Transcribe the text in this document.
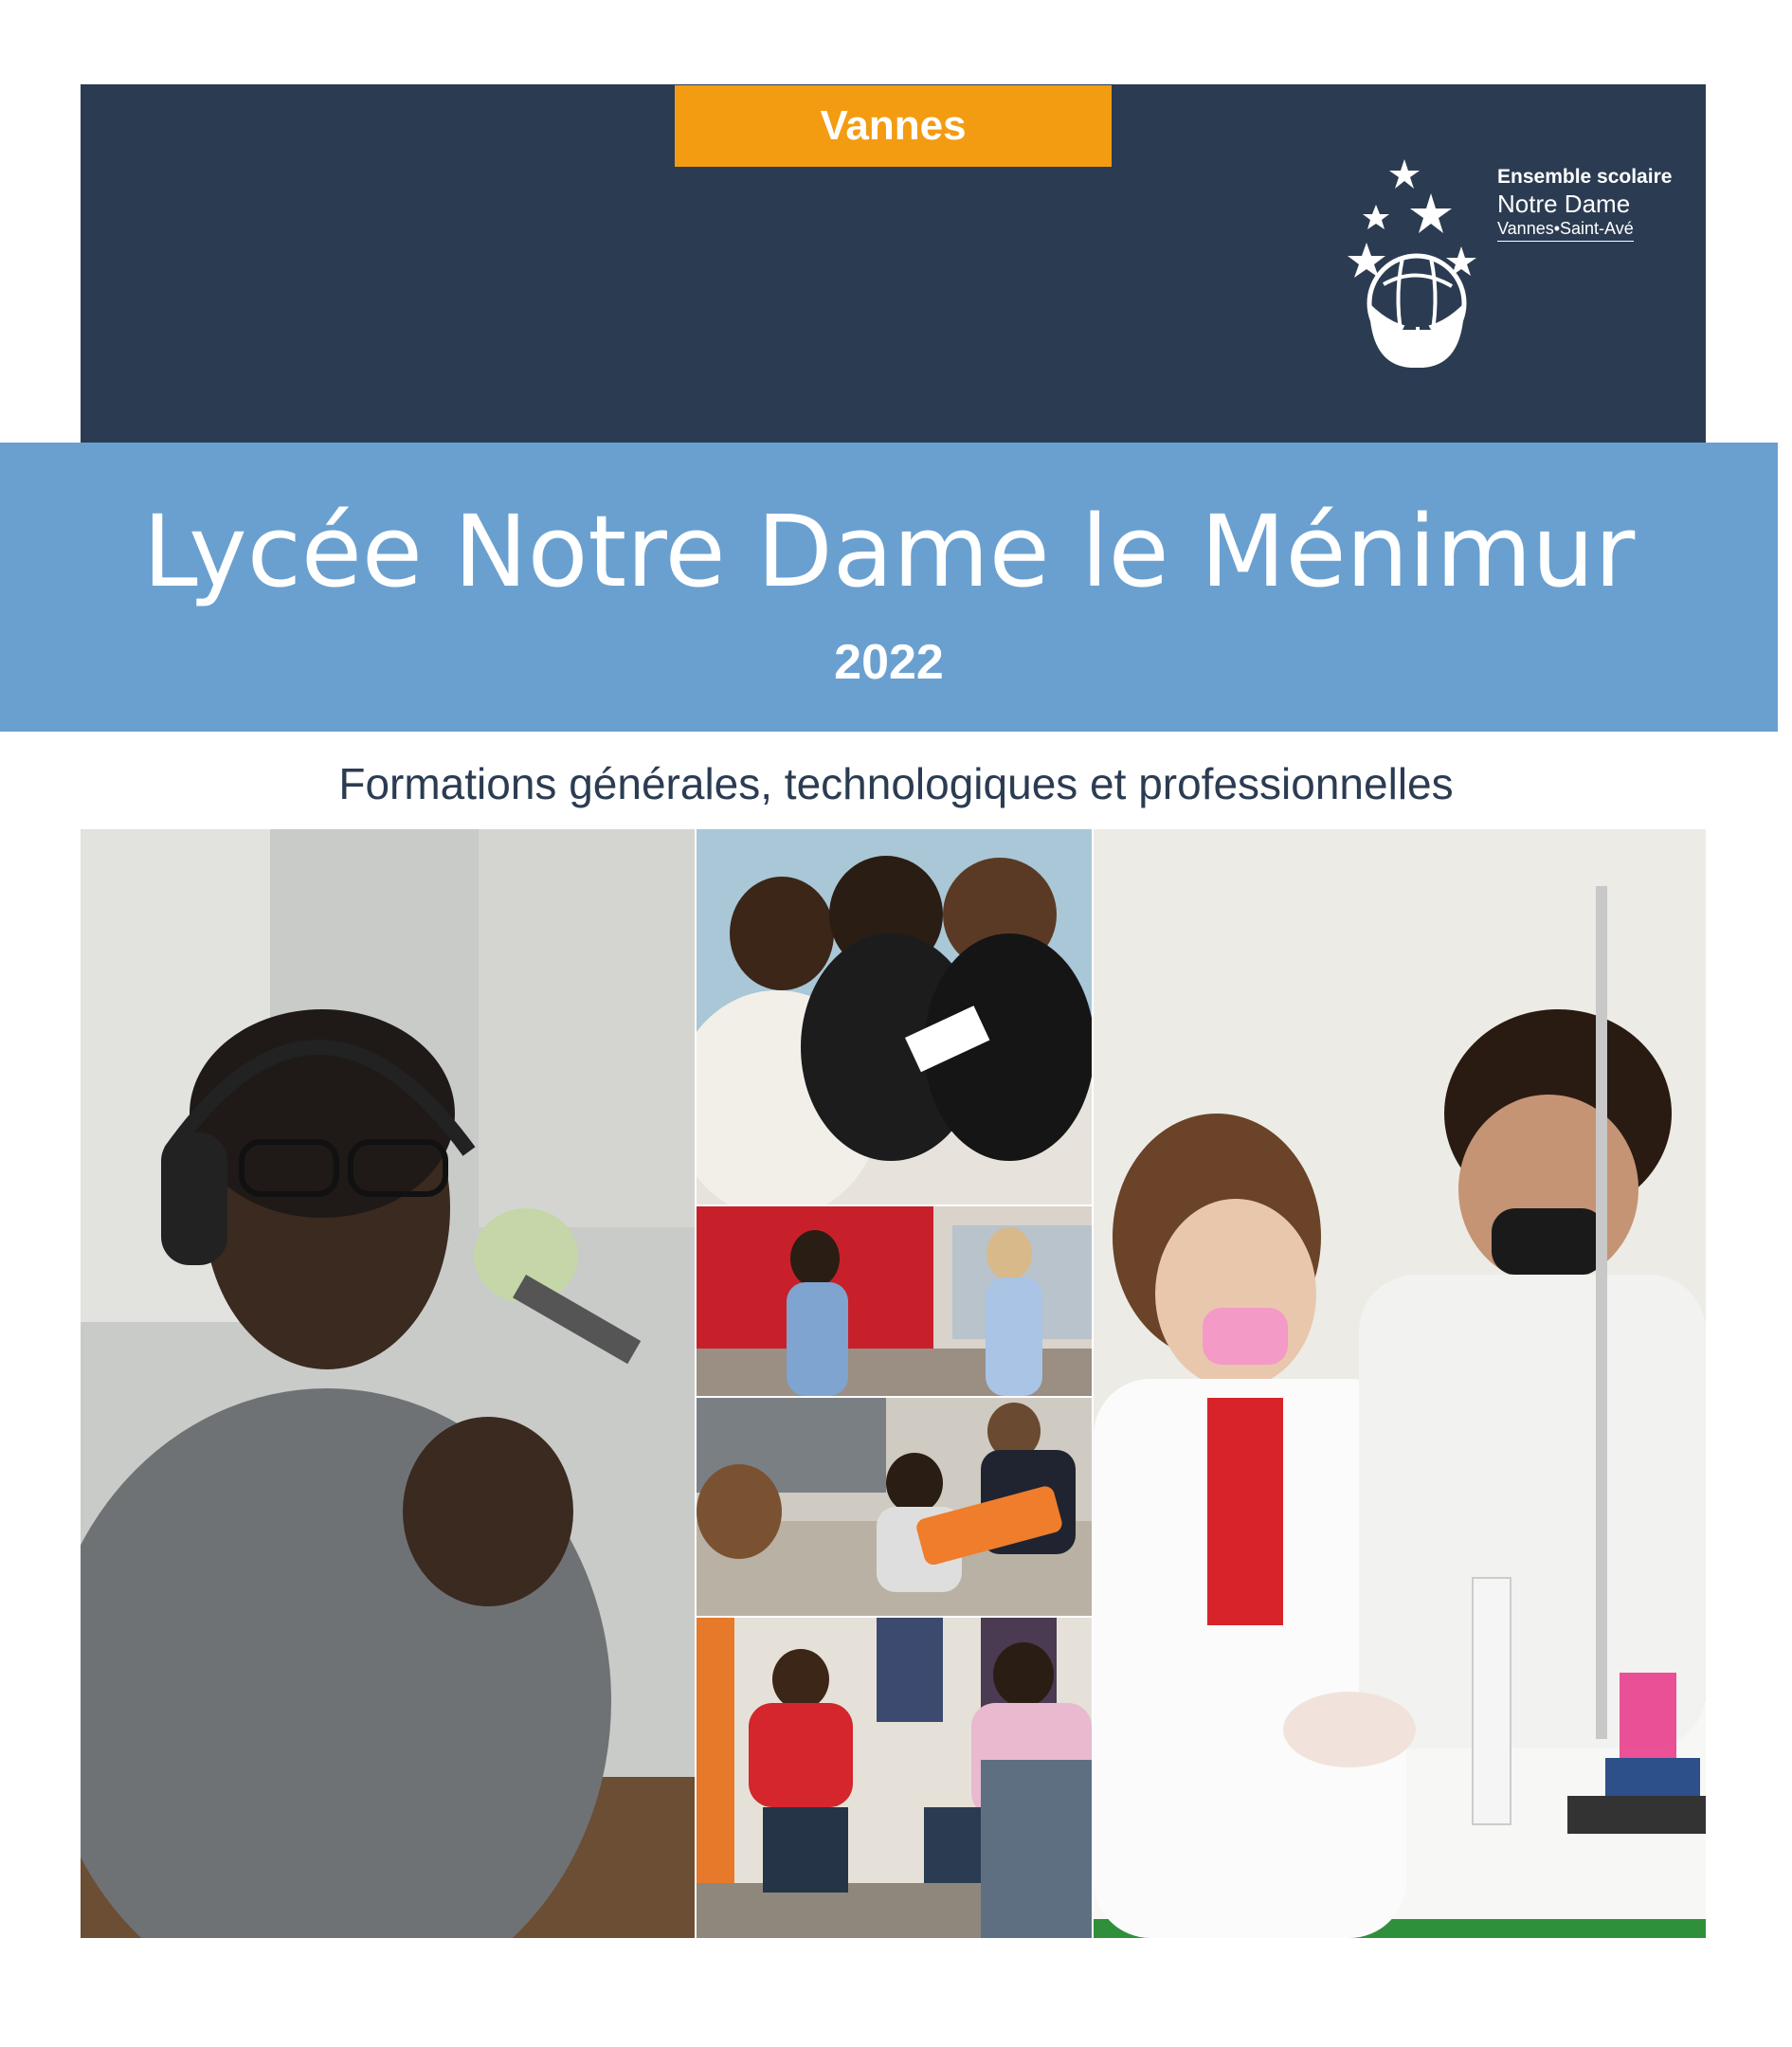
Vannes
Ensemble scolaire
Notre Dame
Vannes•Saint-Avé
Lycée Notre Dame le Ménimur
2022
Formations générales, technologiques et professionnelles
